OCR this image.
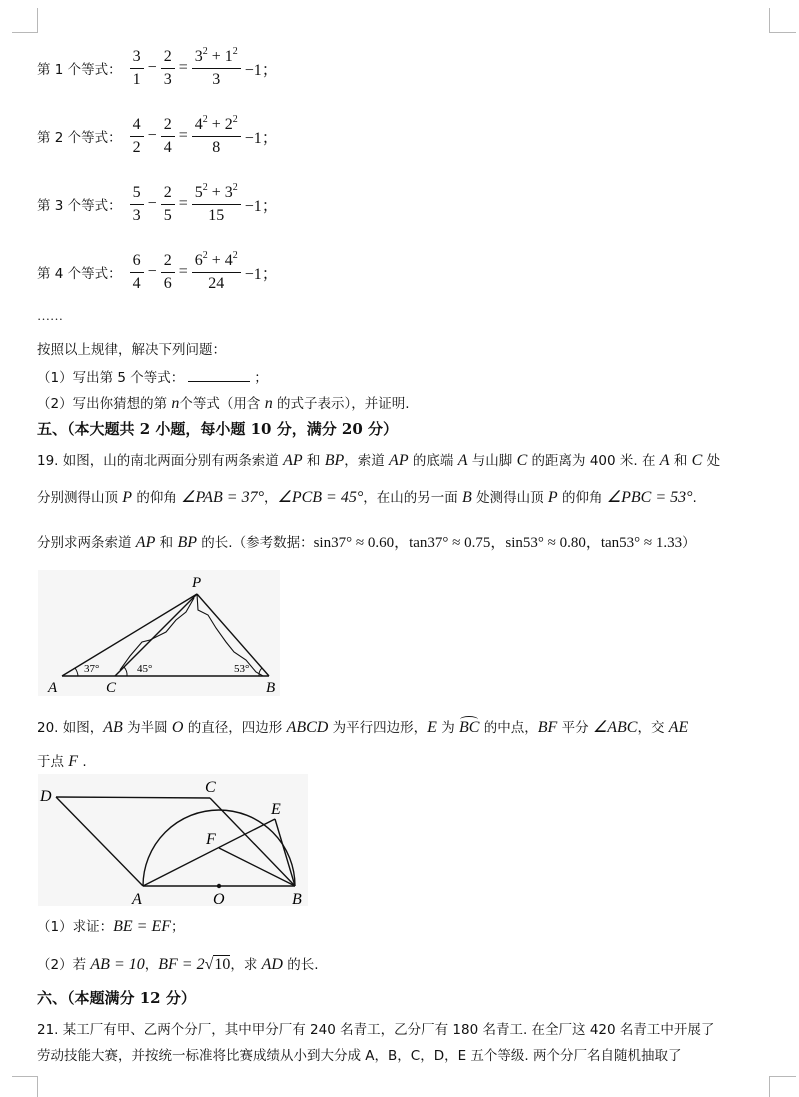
第 1 个等式： $\frac{3}{1} - \frac{2}{3} = \frac{3^2 + 1^2}{3} -1$；
第 2 个等式： $\frac{4}{2} - \frac{2}{4} = \frac{4^2 + 2^2}{8} -1$；
第 3 个等式： $\frac{5}{3} - \frac{2}{5} = \frac{5^2 + 3^2}{15} -1$；
第 4 个等式： $\frac{6}{4} - \frac{2}{6} = \frac{6^2 + 4^2}{24} -1$；
……
按照以上规律，解决下列问题：
（1）写出第 5 个等式：	；
（2）写出你猜想的第 n个等式（用含 n 的式子表示），并证明.
五、（本大题共 2 小题，每小题 10 分，满分 20 分）
19. 如图，山的南北两面分别有两条索道 AP 和 BP，索道 AP 的底端 A 与山脚 C 的距离为 400 米. 在 A 和 C 处
分别测得山顶 P 的仰角 ∠PAB = 37°，∠PCB = 45°，在山的另一面 B 处测得山顶 P 的仰角 ∠PBC = 53°.
分别求两条索道 AP 和 BP 的长.（参考数据：sin37° ≈ 0.60，tan37° ≈ 0.75，sin53° ≈ 0.80，tan53° ≈ 1.33）
P
A	C	B
37°	45°	53°
20. 如图，AB 为半圆 O 的直径，四边形 ABCD 为平行四边形，E 为 BC 的中点，BF 平分 ∠ABC，交 AE
于点 F .
D
C
E
F
A	O	B
（1）求证：BE = EF；
（2）若 AB = 10，BF = 2√10，求 AD 的长.
六、（本题满分 12 分）
21. 某工厂有甲、乙两个分厂，其中甲分厂有 240 名青工，乙分厂有 180 名青工. 在全厂这 420 名青工中开展了
劳动技能大赛，并按统一标准将比赛成绩从小到大分成 A，B，C，D，E 五个等级. 两个分厂名自随机抽取了
